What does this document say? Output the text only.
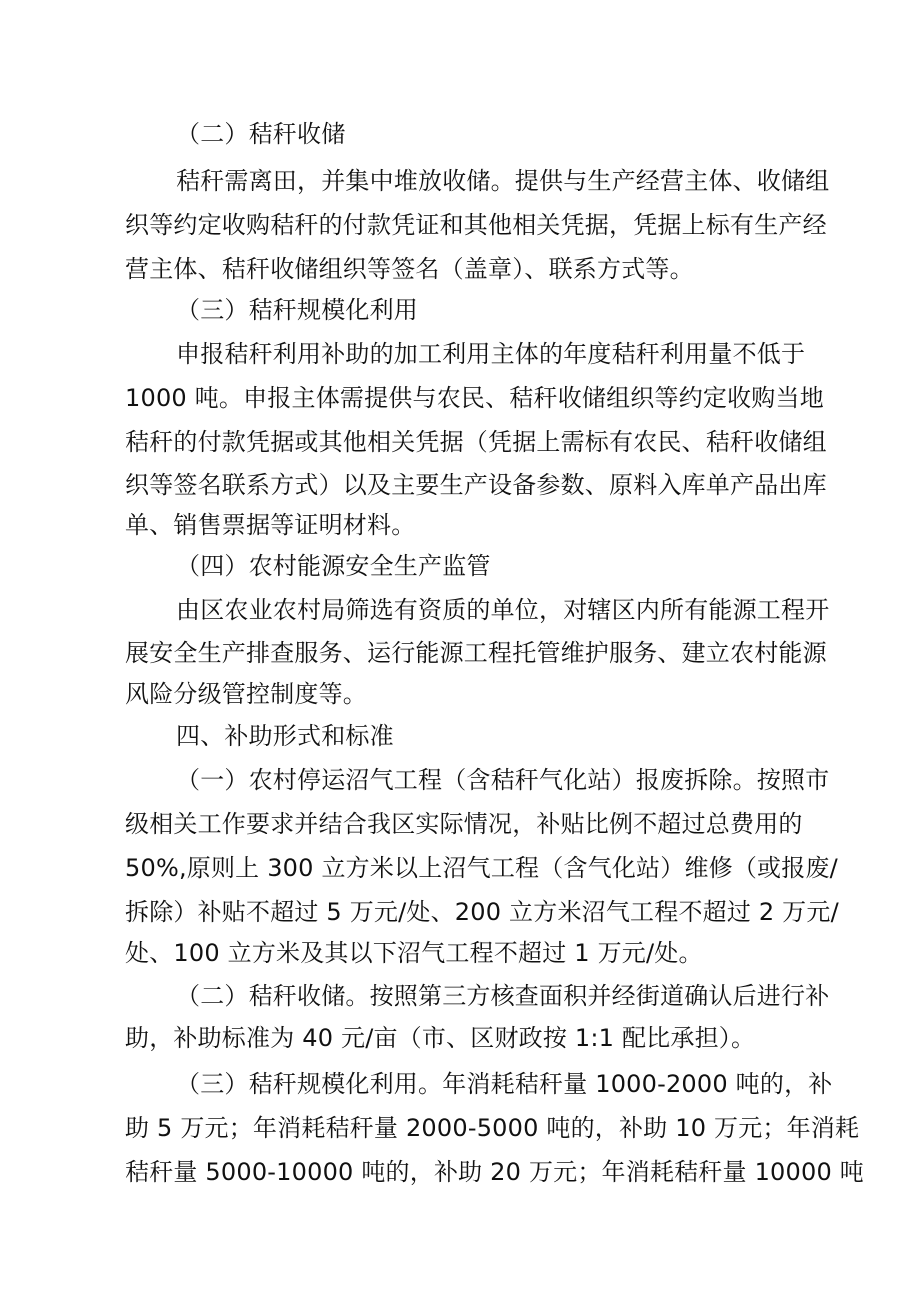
（二）秸秆收储
秸秆需离田，并集中堆放收储。提供与生产经营主体、收储组
织等约定收购秸秆的付款凭证和其他相关凭据，凭据上标有生产经
营主体、秸秆收储组织等签名（盖章）、联系方式等。
（三）秸秆规模化利用
申报秸秆利用补助的加工利用主体的年度秸秆利用量不低于
1000 吨。申报主体需提供与农民、秸秆收储组织等约定收购当地
秸秆的付款凭据或其他相关凭据（凭据上需标有农民、秸秆收储组
织等签名联系方式）以及主要生产设备参数、原料入库单产品出库
单、销售票据等证明材料。
（四）农村能源安全生产监管
由区农业农村局筛选有资质的单位，对辖区内所有能源工程开
展安全生产排查服务、运行能源工程托管维护服务、建立农村能源
风险分级管控制度等。
四、补助形式和标准
（一）农村停运沼气工程（含秸秆气化站）报废拆除。按照市
级相关工作要求并结合我区实际情况，补贴比例不超过总费用的
50%,原则上 300 立方米以上沼气工程（含气化站）维修（或报废/
拆除）补贴不超过 5 万元/处、200 立方米沼气工程不超过 2 万元/
处、100 立方米及其以下沼气工程不超过 1 万元/处。
（二）秸秆收储。按照第三方核查面积并经街道确认后进行补
助，补助标准为 40 元/亩（市、区财政按 1:1 配比承担）。
（三）秸秆规模化利用。年消耗秸秆量 1000-2000 吨的，补
助 5 万元；年消耗秸秆量 2000-5000 吨的，补助 10 万元；年消耗
秸秆量 5000-10000 吨的，补助 20 万元；年消耗秸秆量 10000 吨
